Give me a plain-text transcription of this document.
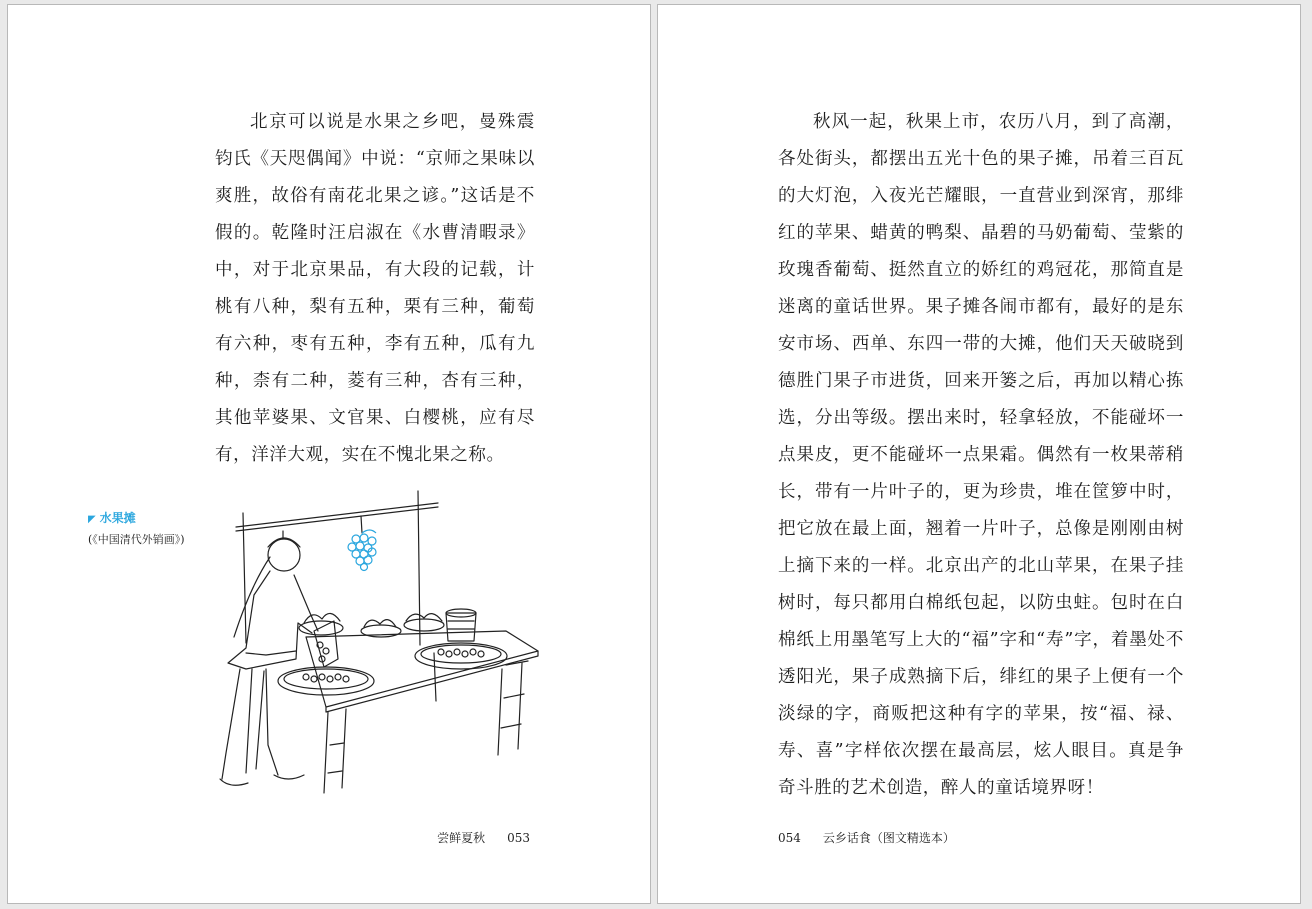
北京可以说是水果之乡吧，曼殊震钧氏《天咫偶闻》中说：“京师之果味以爽胜，故俗有南花北果之谚。”这话是不假的。乾隆时汪启淑在《水曹清暇录》中，对于北京果品，有大段的记载，计桃有八种，梨有五种，栗有三种，葡萄有六种，枣有五种，李有五种，瓜有九种，柰有二种，菱有三种，杏有三种，其他苹婆果、文官果、白樱桃，应有尽有，洋洋大观，实在不愧北果之称。

◤ 水果摊
(《中国清代外销画》)
尝鲜夏秋 053

秋风一起，秋果上市，农历八月，到了高潮，各处街头，都摆出五光十色的果子摊，吊着三百瓦的大灯泡，入夜光芒耀眼，一直营业到深宵，那绯红的苹果、蜡黄的鸭梨、晶碧的马奶葡萄、莹紫的玫瑰香葡萄、挺然直立的娇红的鸡冠花，那简直是迷离的童话世界。果子摊各闹市都有，最好的是东安市场、西单、东四一带的大摊，他们天天破晓到德胜门果子市进货，回来开篓之后，再加以精心拣选，分出等级。摆出来时，轻拿轻放，不能碰坏一点果皮，更不能碰坏一点果霜。偶然有一枚果蒂稍长，带有一片叶子的，更为珍贵，堆在筐箩中时，把它放在最上面，翘着一片叶子，总像是刚刚由树上摘下来的一样。北京出产的北山苹果，在果子挂树时，每只都用白棉纸包起，以防虫蛀。包时在白棉纸上用墨笔写上大的“福”字和“寿”字，着墨处不透阳光，果子成熟摘下后，绯红的果子上便有一个淡绿的字，商贩把这种有字的苹果，按“福、禄、寿、喜”字样依次摆在最高层，炫人眼目。真是争奇斗胜的艺术创造，醉人的童话境界呀！

054 云乡话食（图文精选本）
